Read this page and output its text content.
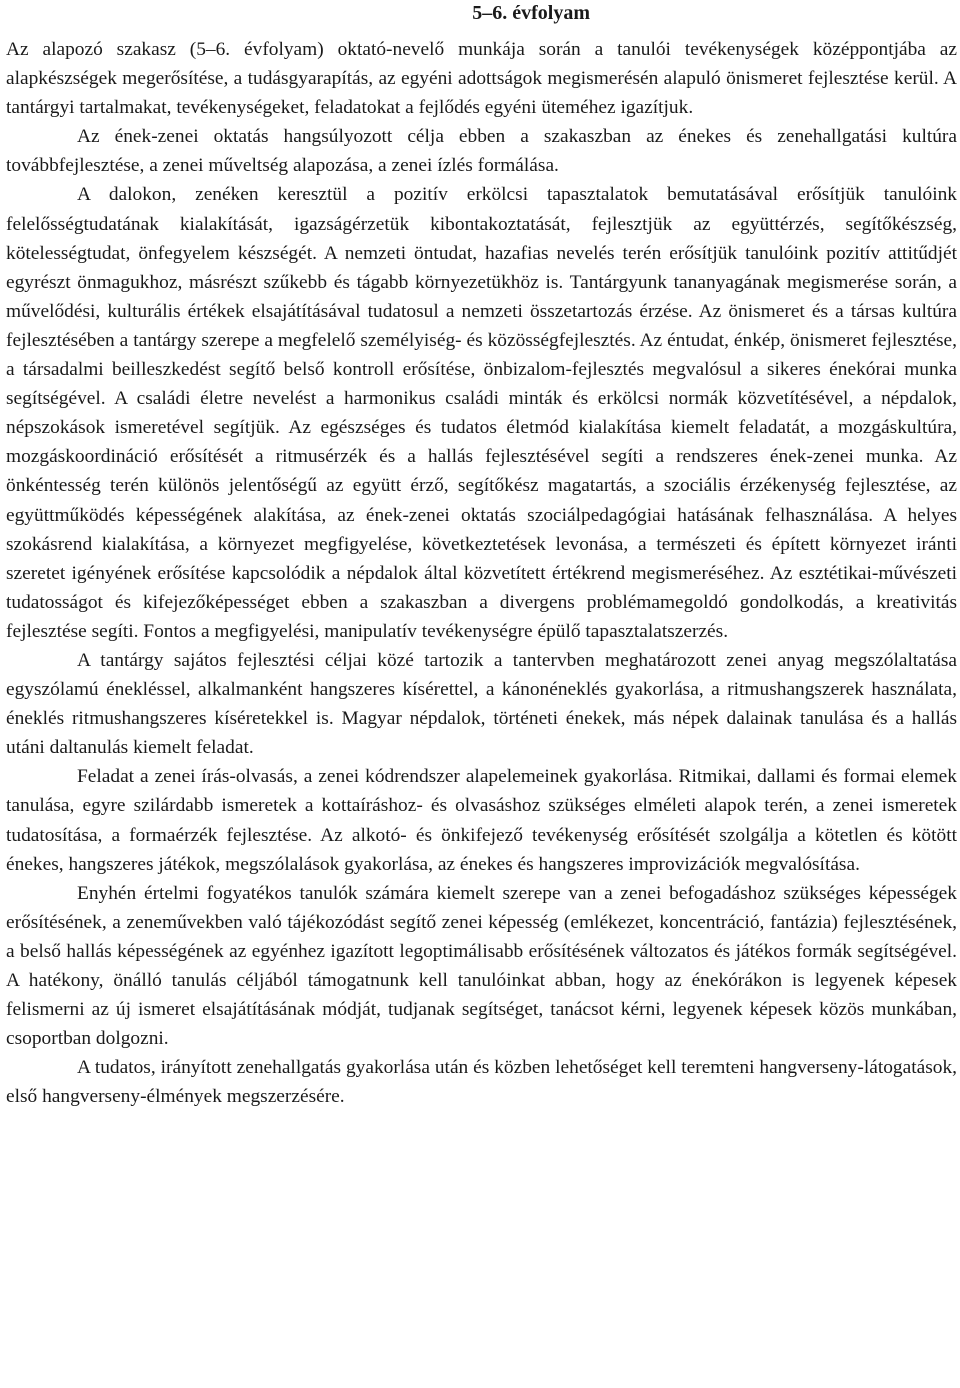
5–6. évfolyam

Az alapozó szakasz (5–6. évfolyam) oktató-nevelő munkája során a tanulói tevékenységek középpontjába az alapkészségek megerősítése, a tudásgyarapítás, az egyéni adottságok megismerésén alapuló önismeret fejlesztése kerül. A tantárgyi tartalmakat, tevékenységeket, feladatokat a fejlődés egyéni üteméhez igazítjuk.

Az ének-zenei oktatás hangsúlyozott célja ebben a szakaszban az énekes és zenehallgatási kultúra továbbfejlesztése, a zenei műveltség alapozása, a zenei ízlés formálása.

A dalokon, zenéken keresztül a pozitív erkölcsi tapasztalatok bemutatásával erősítjük tanulóink felelősségtudatának kialakítását, igazságérzetük kibontakoztatását, fejlesztjük az együttérzés, segítőkészség, kötelességtudat, önfegyelem készségét. A nemzeti öntudat, hazafias nevelés terén erősítjük tanulóink pozitív attitűdjét egyrészt önmagukhoz, másrészt szűkebb és tágabb környezetükhöz is. Tantárgyunk tananyagának megismerése során, a művelődési, kulturális értékek elsajátításával tudatosul a nemzeti összetartozás érzése. Az önismeret és a társas kultúra fejlesztésében a tantárgy szerepe a megfelelő személyiség- és közösségfejlesztés. Az éntudat, énkép, önismeret fejlesztése, a társadalmi beilleszkedést segítő belső kontroll erősítése, önbizalom-fejlesztés megvalósul a sikeres énekórai munka segítségével. A családi életre nevelést a harmonikus családi minták és erkölcsi normák közvetítésével, a népdalok, népszokások ismeretével segítjük. Az egészséges és tudatos életmód kialakítása kiemelt feladatát, a mozgáskultúra, mozgáskoordináció erősítését a ritmusérzék és a hallás fejlesztésével segíti a rendszeres ének-zenei munka. Az önkéntesség terén különös jelentőségű az együtt érző, segítőkész magatartás, a szociális érzékenység fejlesztése, az együttműködés képességének alakítása, az ének-zenei oktatás szociálpedagógiai hatásának felhasználása. A helyes szokásrend kialakítása, a környezet megfigyelése, következtetések levonása, a természeti és épített környezet iránti szeretet igényének erősítése kapcsolódik a népdalok által közvetített értékrend megismeréséhez. Az esztétikai-művészeti tudatosságot és kifejezőképességet ebben a szakaszban a divergens problémamegoldó gondolkodás, a kreativitás fejlesztése segíti. Fontos a megfigyelési, manipulatív tevékenységre épülő tapasztalatszerzés.

A tantárgy sajátos fejlesztési céljai közé tartozik a tantervben meghatározott zenei anyag megszólaltatása egyszólamú énekléssel, alkalmanként hangszeres kísérettel, a kánonéneklés gyakorlása, a ritmushangszerek használata, éneklés ritmushangszeres kíséretekkel is. Magyar népdalok, történeti énekek, más népek dalainak tanulása és a hallás utáni daltanulás kiemelt feladat.

Feladat a zenei írás-olvasás, a zenei kódrendszer alapelemeinek gyakorlása. Ritmikai, dallami és formai elemek tanulása, egyre szilárdabb ismeretek a kottaíráshoz- és olvasáshoz szükséges elméleti alapok terén, a zenei ismeretek tudatosítása, a formaérzék fejlesztése. Az alkotó- és önkifejező tevékenység erősítését szolgálja a kötetlen és kötött énekes, hangszeres játékok, megszólalások gyakorlása, az énekes és hangszeres improvizációk megvalósítása.

Enyhén értelmi fogyatékos tanulók számára kiemelt szerepe van a zenei befogadáshoz szükséges képességek erősítésének, a zeneművekben való tájékozódást segítő zenei képesség (emlékezet, koncentráció, fantázia) fejlesztésének, a belső hallás képességének az egyénhez igazított legoptimálisabb erősítésének változatos és játékos formák segítségével. A hatékony, önálló tanulás céljából támogatnunk kell tanulóinkat abban, hogy az énekórákon is legyenek képesek felismerni az új ismeret elsajátításának módját, tudjanak segítséget, tanácsot kérni, legyenek képesek közös munkában, csoportban dolgozni.

A tudatos, irányított zenehallgatás gyakorlása után és közben lehetőséget kell teremteni hangverseny-látogatások, első hangverseny-élmények megszerzésére.
